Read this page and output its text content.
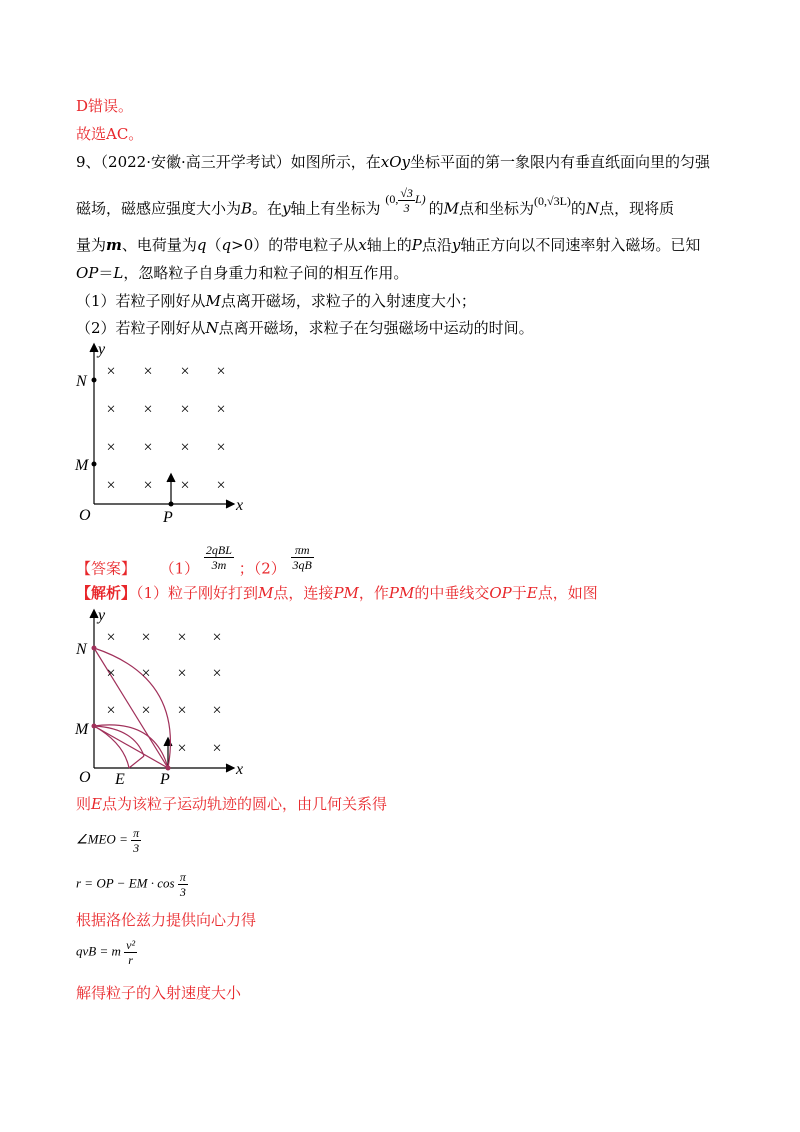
D错误。
故选AC。
9、（2022·安徽·高三开学考试）如图所示，在xOy坐标平面的第一象限内有垂直纸面向里的匀强
磁场，磁感应强度大小为B。在y轴上有坐标为 $^{(0, \frac{√3}{3} L)}$ 的M点和坐标为$^{(0,√3L)}$的N点，现将质
量为m、电荷量为q（q>0）的带电粒子从x轴上的P点沿y轴正方向以不同速率射入磁场。已知
OP＝L，忽略粒子自身重力和粒子间的相互作用。
（1）若粒子刚好从M点离开磁场，求粒子的入射速度大小；
（2）若粒子刚好从N点离开磁场，求粒子在匀强磁场中运动的时间。
× × × ×
× × × ×
× × × ×
× × × ×
y
x
N
M
O	P
【答案】 $(1) \frac{\text{2qBL}}{3m}$ ；$(2) \frac{\pi m}{3qB}$
【解析】（1）粒子刚好打到M点，连接PM，作PM的中垂线交OP于E点，如图
× × × ×
× × × ×
× × × ×
× ×
y
x
N
M
O E P
则E点为该粒子运动轨迹的圆心，由几何关系得
∠MEO = $\frac{\pi}{3}$
r = OP − EM · $\cos \frac{\pi}{3}$
根据洛伦兹力提供向心力得
qvB = m $\frac{\text{v²}}{r}$
解得粒子的入射速度大小
